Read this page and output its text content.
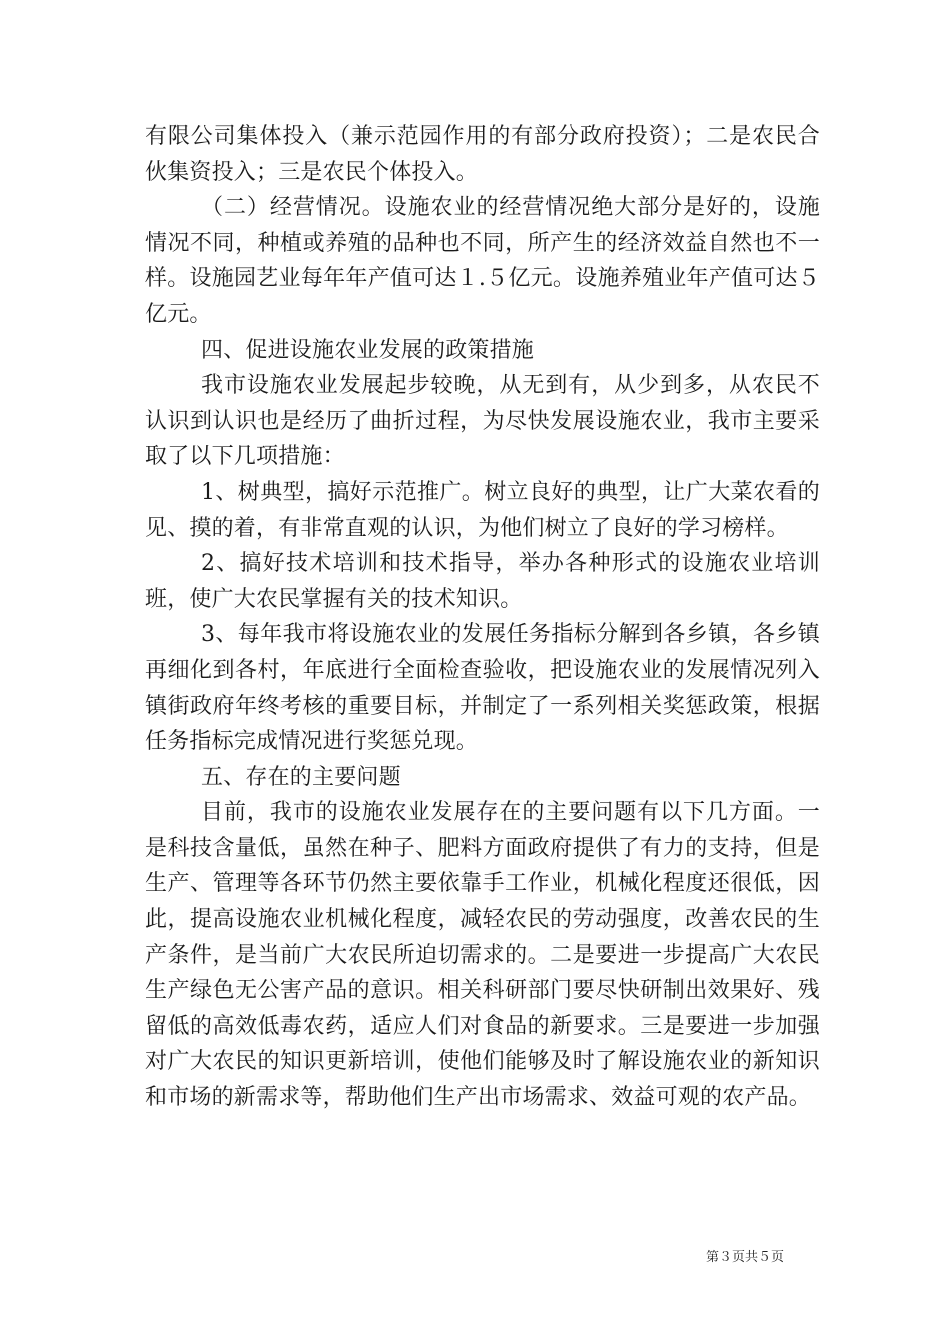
有限公司集体投入（兼示范园作用的有部分政府投资）；二是农民合伙集资投入；三是农民个体投入。

（二）经营情况。设施农业的经营情况绝大部分是好的，设施情况不同，种植或养殖的品种也不同，所产生的经济效益自然也不一样。设施园艺业每年年产值可达１.５亿元。设施养殖业年产值可达５亿元。

四、促进设施农业发展的政策措施

我市设施农业发展起步较晚，从无到有，从少到多，从农民不认识到认识也是经历了曲折过程，为尽快发展设施农业，我市主要采取了以下几项措施：

1、树典型，搞好示范推广。树立良好的典型，让广大菜农看的见、摸的着，有非常直观的认识，为他们树立了良好的学习榜样。

2、搞好技术培训和技术指导，举办各种形式的设施农业培训班，使广大农民掌握有关的技术知识。

3、每年我市将设施农业的发展任务指标分解到各乡镇，各乡镇再细化到各村，年底进行全面检查验收，把设施农业的发展情况列入镇街政府年终考核的重要目标，并制定了一系列相关奖惩政策，根据任务指标完成情况进行奖惩兑现。

五、存在的主要问题

目前，我市的设施农业发展存在的主要问题有以下几方面。一是科技含量低，虽然在种子、肥料方面政府提供了有力的支持，但是生产、管理等各环节仍然主要依靠手工作业，机械化程度还很低，因此，提高设施农业机械化程度，减轻农民的劳动强度，改善农民的生产条件，是当前广大农民所迫切需求的。二是要进一步提高广大农民生产绿色无公害产品的意识。相关科研部门要尽快研制出效果好、残留低的高效低毒农药，适应人们对食品的新要求。三是要进一步加强对广大农民的知识更新培训，使他们能够及时了解设施农业的新知识和市场的新需求等，帮助他们生产出市场需求、效益可观的农产品。

第３页共５页
